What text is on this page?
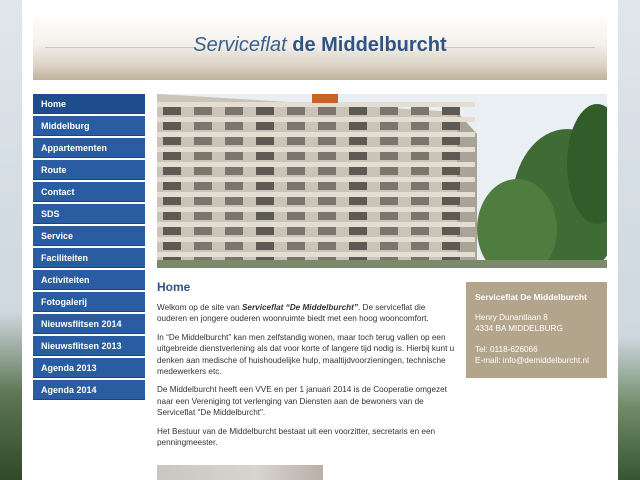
Serviceflat de Middelburcht
Home
Middelburg
Appartementen
Route
Contact
SDS
Service
Faciliteiten
Activiteiten
Fotogalerij
Nieuwsflitsen 2014
Nieuwsflitsen 2013
Agenda 2013
Agenda 2014
Home

Welkom op de site van Serviceflat “De Middelburcht”. De serviceflat die ouderen en jongere ouderen woonruimte biedt met een hoog wooncomfort.

In “De Middelburcht” kan men zelfstandig wonen, maar toch terug vallen op een uitgebreide dienstverlening als dat voor korte of langere tijd nodig is. Hierbij kunt u denken aan medische of huishoudelijke hulp, maaltijdvoorzieningen, technische medewerkers etc.

De Middelburcht heeft een VVE en per 1 januari 2014 is de Cooperatie omgezet naar een Vereniging tot verlenging van Diensten aan de bewoners van de Serviceflat "De Middelburcht".

Het Bestuur van de Middelburcht bestaat uit een voorzitter, secretaris en een penningmeester.

Serviceflat De Middelburcht
Henry Dunantlaan 8
4334 BA MIDDELBURG
Tel: 0118-626066
E-mail: info@demiddelburcht.nl
